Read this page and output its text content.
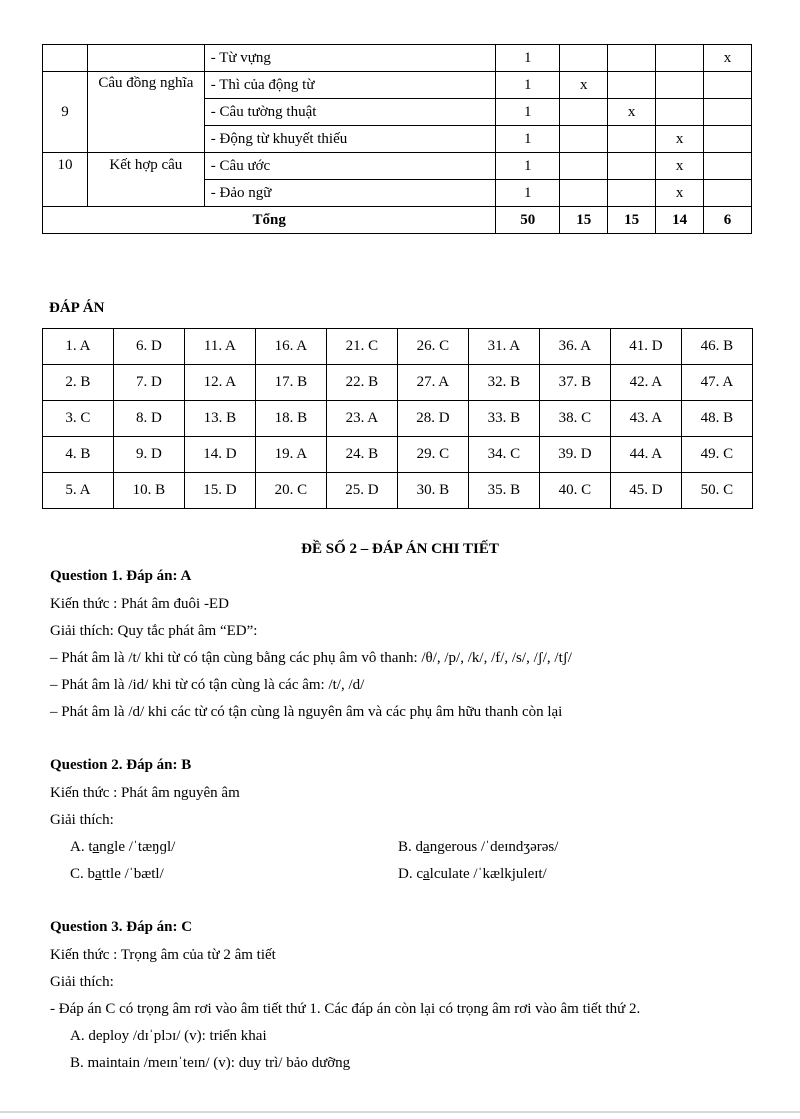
		- Từ vựng	1				x
9	Câu đồng nghĩa	- Thì của động từ	1	x			
		- Câu tường thuật	1		x		
		- Động từ khuyết thiếu	1			x	
10	Kết hợp câu	- Câu ước	1			x	
		- Đảo ngữ	1			x	
Tổng			50	15	15	14	6
ĐÁP ÁN
1. A	6. D	11. A	16. A	21. C	26. C	31. A	36. A	41. D	46. B
2. B	7. D	12. A	17. B	22. B	27. A	32. B	37. B	42. A	47. A
3. C	8. D	13. B	18. B	23. A	28. D	33. B	38. C	43. A	48. B
4. B	9. D	14. D	19. A	24. B	29. C	34. C	39. D	44. A	49. C
5. A	10. B	15. D	20. C	25. D	30. B	35. B	40. C	45. D	50. C
ĐỀ SỐ 2 – ĐÁP ÁN CHI TIẾT
Question 1. Đáp án: A
Kiến thức : Phát âm đuôi -ED
Giải thích: Quy tắc phát âm “ED”:
– Phát âm là /t/ khi từ có tận cùng bằng các phụ âm vô thanh: /θ/, /p/, /k/, /f/, /s/, /ʃ/, /tʃ/
– Phát âm là /id/ khi từ có tận cùng là các âm: /t/, /d/
– Phát âm là /d/ khi các từ có tận cùng là nguyên âm và các phụ âm hữu thanh còn lại
Question 2. Đáp án: B
Kiến thức : Phát âm nguyên âm
Giải thích:
A. tangle /ˈtæŋɡl/	B. dangerous /ˈdeɪndʒərəs/
C. battle /ˈbætl/	D. calculate /ˈkælkjuleɪt/
Question 3. Đáp án: C
Kiến thức : Trọng âm của từ 2 âm tiết
Giải thích:
- Đáp án C có trọng âm rơi vào âm tiết thứ 1. Các đáp án còn lại có trọng âm rơi vào âm tiết thứ 2.
A. deploy /dɪˈplɔɪ/ (v): triển khai
B. maintain /meɪnˈteɪn/ (v): duy trì/ bảo dưỡng
